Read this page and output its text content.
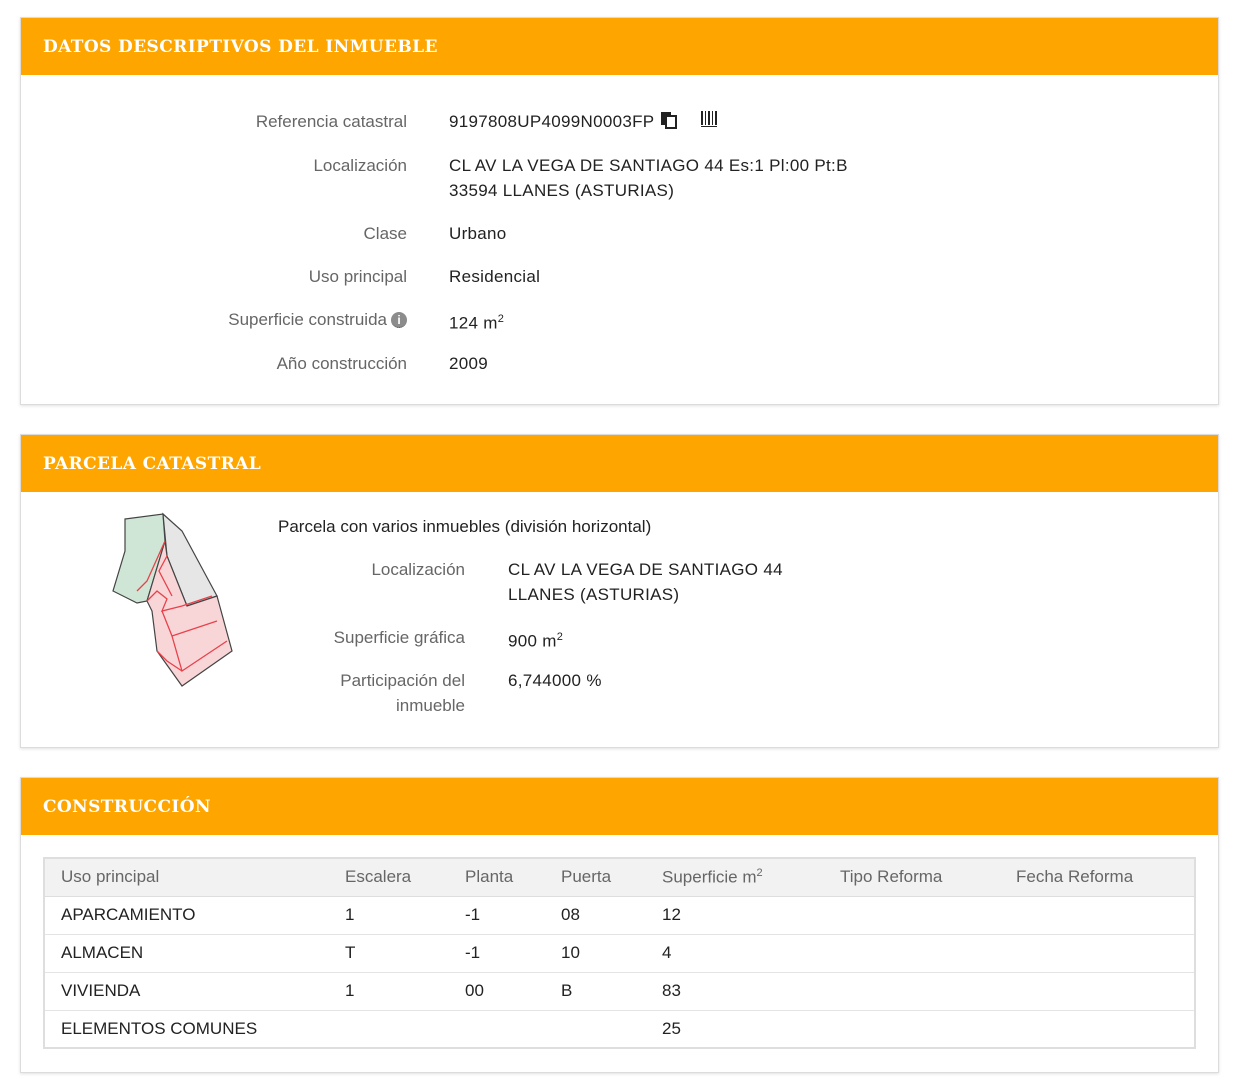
DATOS DESCRIPTIVOS DEL INMUEBLE
Referencia catastral 9197808UP4099N0003FP
Localización CL AV LA VEGA DE SANTIAGO 44 Es:1 Pl:00 Pt:B
33594 LLANES (ASTURIAS)
Clase Urbano
Uso principal Residencial
Superficie construida i	124 $m^2$
Año construcción 2009
PARCELA CATASTRAL
Parcela con varios inmuebles (división horizontal)
Localización	CL AV LA VEGA DE SANTIAGO 44
LLANES (ASTURIAS)
Superficie gráfica	900 $m^2$
Participación del
inmueble
6,744000 %
CONSTRUCCIÓN
Uso principal	Escalera	Planta	Puerta	Superficie $m^2$	Tipo Reforma	Fecha Reforma
APARCAMIENTO	1	-1	08	12		
ALMACEN	T	-1	10	4		
VIVIENDA	1	00	B	83		
ELEMENTOS COMUNES				25		
